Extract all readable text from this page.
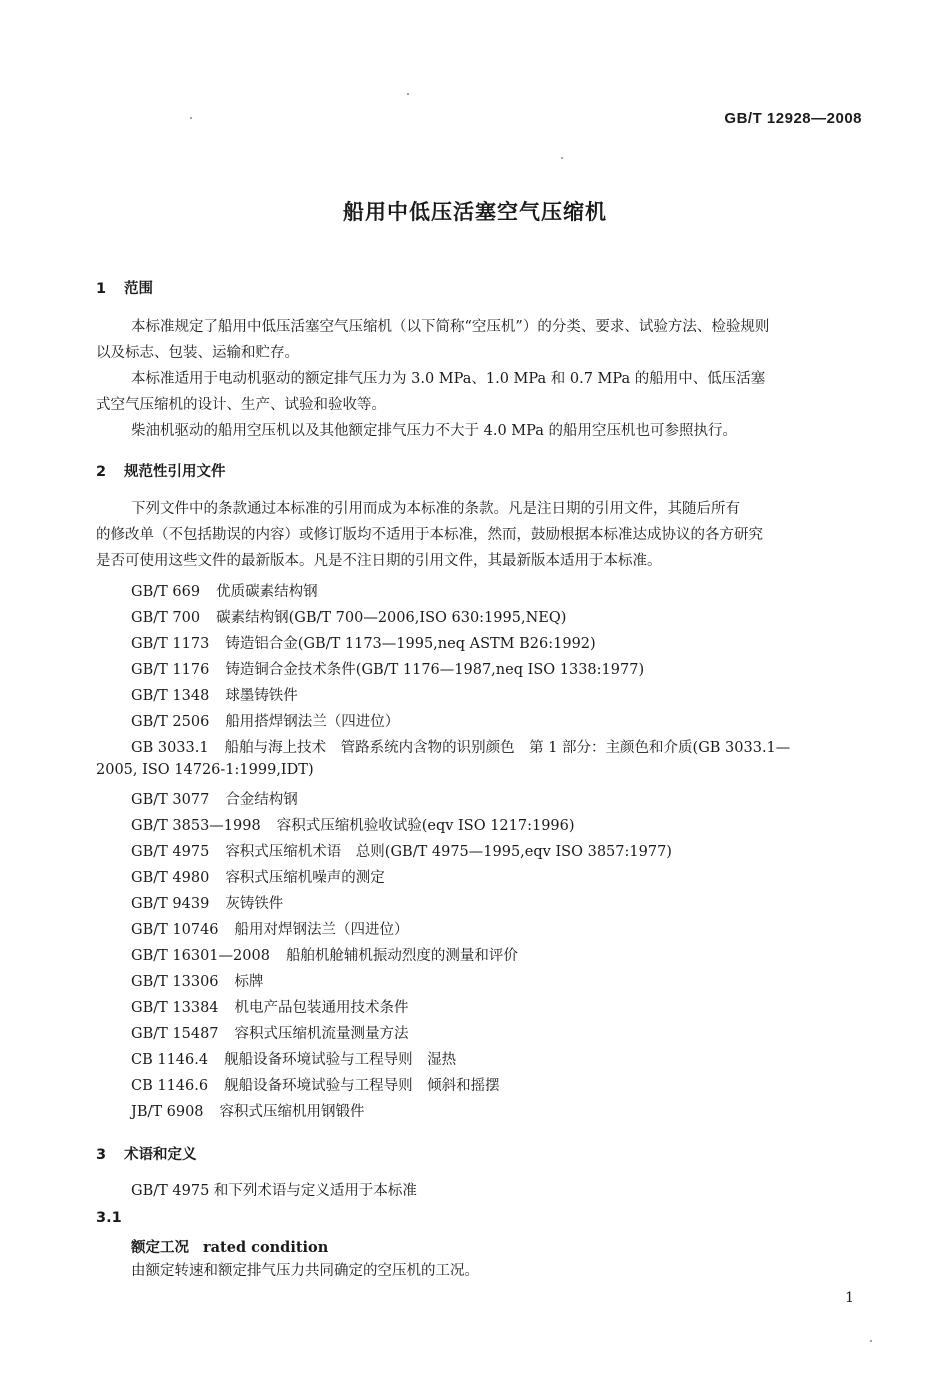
GB/T 12928—2008
船用中低压活塞空气压缩机
1 范围
本标准规定了船用中低压活塞空气压缩机（以下简称“空压机”）的分类、要求、试验方法、检验规则
以及标志、包装、运输和贮存。
本标准适用于电动机驱动的额定排气压力为 3.0 MPa、1.0 MPa 和 0.7 MPa 的船用中、低压活塞
式空气压缩机的设计、生产、试验和验收等。
柴油机驱动的船用空压机以及其他额定排气压力不大于 4.0 MPa 的船用空压机也可参照执行。
2 规范性引用文件
下列文件中的条款通过本标准的引用而成为本标准的条款。凡是注日期的引用文件，其随后所有
的修改单（不包括勘误的内容）或修订版均不适用于本标准，然而，鼓励根据本标准达成协议的各方研究
是否可使用这些文件的最新版本。凡是不注日期的引用文件，其最新版本适用于本标准。
GB/T 669 优质碳素结构钢
GB/T 700 碳素结构钢(GB/T 700—2006,ISO 630:1995,NEQ)
GB/T 1173 铸造铝合金(GB/T 1173—1995,neq ASTM B26:1992)
GB/T 1176 铸造铜合金技术条件(GB/T 1176—1987,neq ISO 1338:1977)
GB/T 1348 球墨铸铁件
GB/T 2506 船用搭焊钢法兰（四进位）
GB 3033.1 船舶与海上技术　管路系统内含物的识别颜色　第 1 部分：主颜色和介质(GB 3033.1—
2005, ISO 14726-1:1999,IDT)
GB/T 3077 合金结构钢
GB/T 3853—1998 容积式压缩机验收试验(eqv ISO 1217:1996)
GB/T 4975 容积式压缩机术语　总则(GB/T 4975—1995,eqv ISO 3857:1977)
GB/T 4980 容积式压缩机噪声的测定
GB/T 9439 灰铸铁件
GB/T 10746 船用对焊钢法兰（四进位）
GB/T 16301—2008 船舶机舱辅机振动烈度的测量和评价
GB/T 13306 标牌
GB/T 13384 机电产品包装通用技术条件
GB/T 15487 容积式压缩机流量测量方法
CB 1146.4 舰船设备环境试验与工程导则　湿热
CB 1146.6 舰船设备环境试验与工程导则　倾斜和摇摆
JB/T 6908 容积式压缩机用钢锻件
3 术语和定义
GB/T 4975 和下列术语与定义适用于本标准
3.1
额定工况 rated condition
由额定转速和额定排气压力共同确定的空压机的工况。
1
